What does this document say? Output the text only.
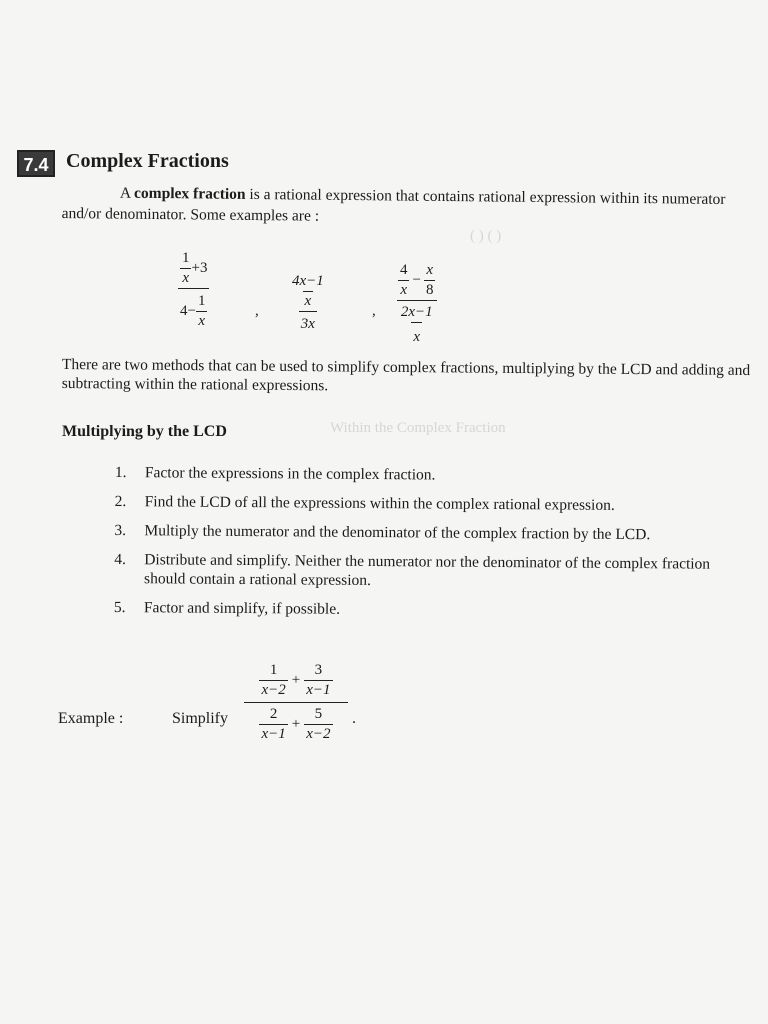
( ) ( )
Within the Complex Fraction
7.4 Complex Fractions
A complex fraction is a rational expression that contains rational expression within its numerator and/or denominator. Some examples are :
1
x
+3
$4- \frac{1}{x}$	, 4x−1
x
3x	, 4
x
− $\frac{x}{8}$
2x−1
x
There are two methods that can be used to simplify complex fractions, multiplying by the LCD and adding and subtracting within the rational expressions.
Multiplying by the LCD
1.	Factor the expressions in the complex fraction.
2.	Find the LCD of all the expressions within the complex rational expression.
3.	Multiply the numerator and the denominator of the complex fraction by the LCD.
4.	Distribute and simplify. Neither the numerator nor the denominator of the complex fraction should contain a rational expression.
5.	Factor and simplify, if possible.
Example :	Simplify
$\frac{1}{x-2} + \frac{3}{x-1}$
$\frac{2}{x-1} + \frac{5}{x-2}$ .
